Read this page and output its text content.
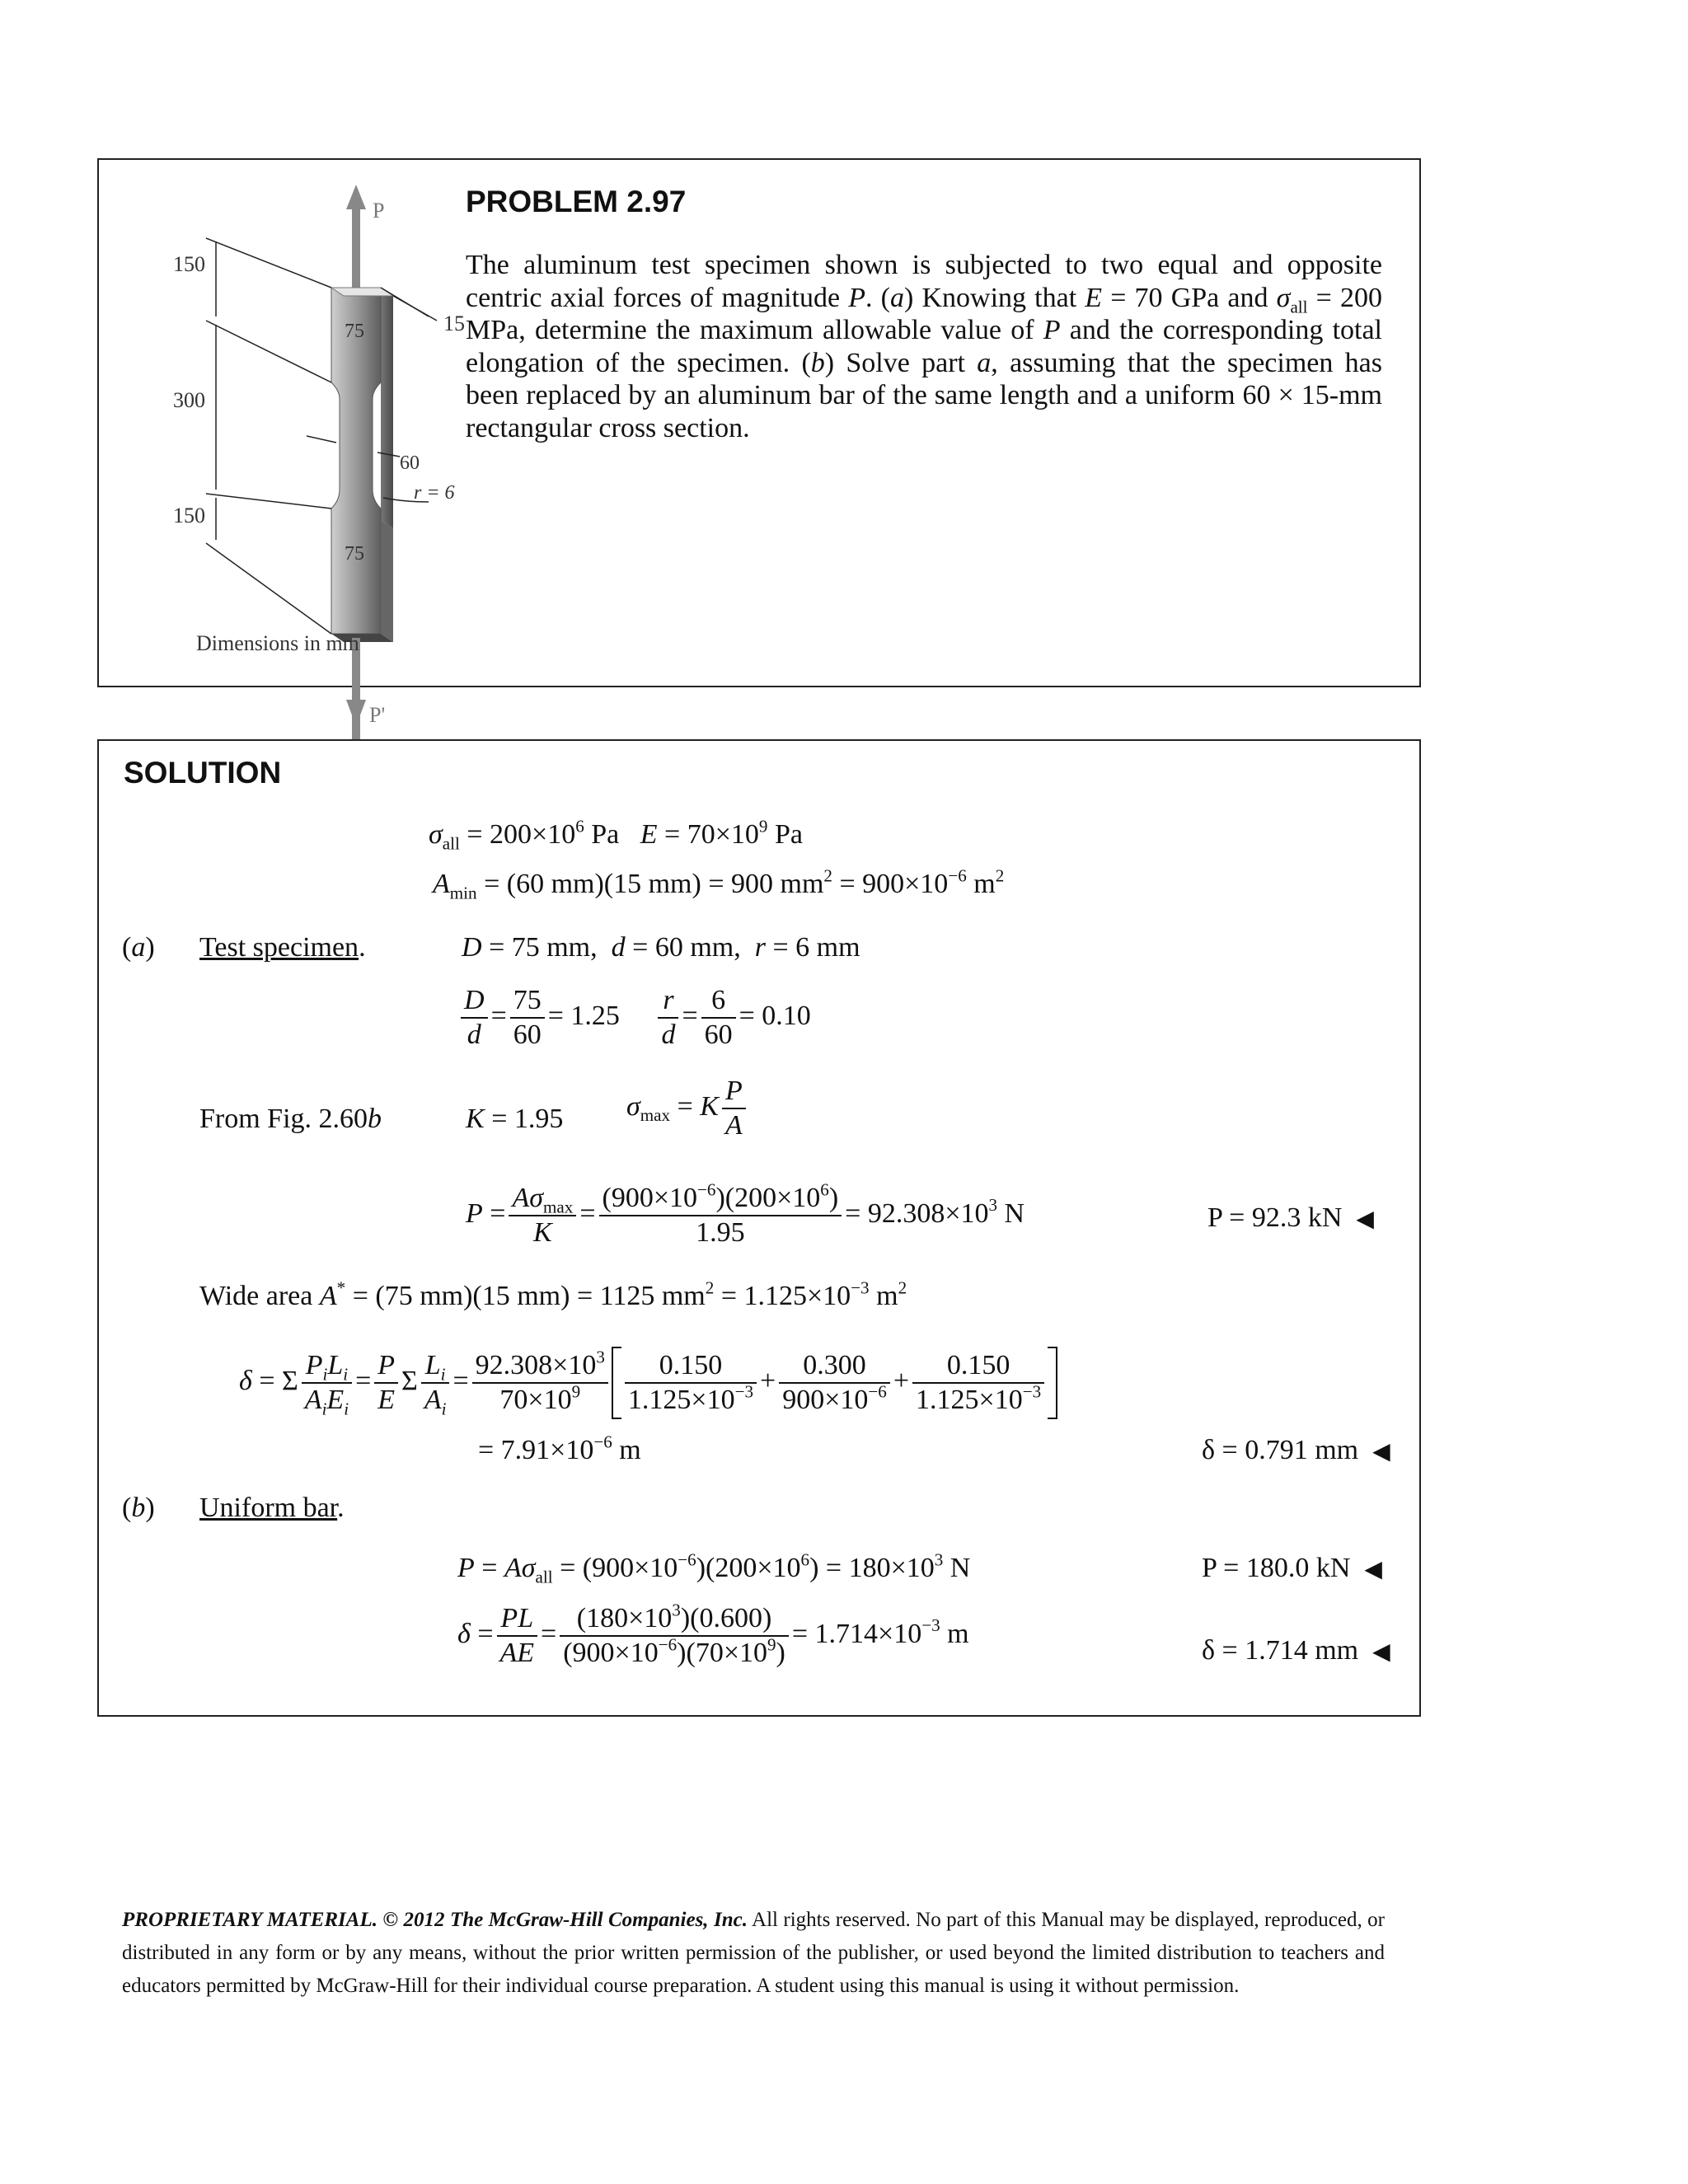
P
P'
150
300
150
75
75
15
60
r = 6
Dimensions in mm
PROBLEM 2.97
The aluminum test specimen shown is subjected to two equal and opposite centric axial forces of magnitude P. (a) Knowing that E = 70 GPa and $\sigma_{all} = 200$ MPa, determine the maximum allowable value of P and the corresponding total elongation of the specimen. (b) Solve part a, assuming that the specimen has been replaced by an aluminum bar of the same length and a uniform 60 × 15-mm rectangular cross section.
SOLUTION
$\sigma_{all} = 200\times 10^6$ Pa   $E = 70\times 10^9$ Pa
$A_{min} = (60$ mm)(15 mm) = 900 $mm^2 = 900\times 10^{-6}$ $m^2$
(a) Test specimen.	D = 75 mm,  d = 60 mm,  r = 6 mm
$\frac{D}{d} = \frac{75}{60} = 1.25 \frac{r}{d} = \frac{6}{60} = 0.10$
From Fig. 2.60b	K = 1.95 $\sigma_{max} = K \frac{P}{A}$
$P = \frac{A\sigma_{max}}{K} = \frac{(900\times 10^{-6})(200\times 10^6)}{1.95} = 92.308\times 10^3$ N	P = 92.3 kN ◀
Wide area A* = (75 mm)(15 mm) = 1125 $mm^2 = 1.125\times 10^{-3}$ $m^2$
δ = Σ $\frac{P_iL_i}{A_iE_i} = \frac{P}{E}$ Σ $\frac{L_i}{A_i} = \frac{92.308\times 10^3}{70\times 10^9} \frac{0.150}{1.125\times 10^{-3}} + \frac{0.300}{900\times 10^{-6}} + \frac{0.150}{1.125\times 10^{-3}}$
= $7.91\times 10^{-6}$ m	δ = 0.791 mm ◀
(b) Uniform bar.
$P = A\sigma_{all} = (900\times 10^{-6})(200\times 10^6) = 180\times 10^3$ N	P = 180.0 kN ◀
$\delta = \frac{PL}{AE} = \frac{(180\times 10^3)(0.600)}{(900\times 10^{-6})(70\times 10^9)} = 1.714\times 10^{-3}$ m
δ = 1.714 mm ◀
PROPRIETARY MATERIAL. © 2012 The McGraw-Hill Companies, Inc. All rights reserved. No part of this Manual may be displayed, reproduced, or distributed in any form or by any means, without the prior written permission of the publisher, or used beyond the limited distribution to teachers and educators permitted by McGraw-Hill for their individual course preparation. A student using this manual is using it without permission.
